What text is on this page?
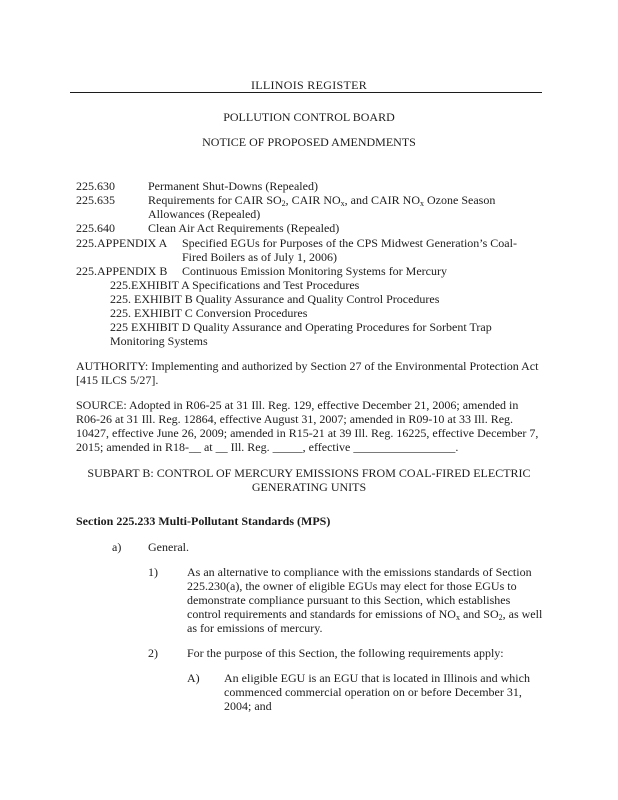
ILLINOIS REGISTER
POLLUTION CONTROL BOARD
NOTICE OF PROPOSED AMENDMENTS
225.630	Permanent Shut-Downs (Repealed)
225.635	Requirements for CAIR $SO_2$, CAIR $NO_x$, and CAIR $NO_x$ Ozone Season
Allowances (Repealed)
225.640	Clean Air Act Requirements (Repealed)
225.APPENDIX A Specified EGUs for Purposes of the CPS Midwest Generation’s Coal-
Fired Boilers as of July 1, 2006)
225.APPENDIX B Continuous Emission Monitoring Systems for Mercury
225.EXHIBIT A Specifications and Test Procedures
225. EXHIBIT B Quality Assurance and Quality Control Procedures
225. EXHIBIT C Conversion Procedures
225 EXHIBIT D Quality Assurance and Operating Procedures for Sorbent Trap
Monitoring Systems
AUTHORITY: Implementing and authorized by Section 27 of the Environmental Protection Act
[415 ILCS 5/27].
SOURCE: Adopted in R06-25 at 31 Ill. Reg. 129, effective December 21, 2006; amended in
R06-26 at 31 Ill. Reg. 12864, effective August 31, 2007; amended in R09-10 at 33 Ill. Reg.
10427, effective June 26, 2009; amended in R15-21 at 39 Ill. Reg. 16225, effective December 7,
2015; amended in R18-__ at __ Ill. Reg. _____, effective _________________.
SUBPART B: CONTROL OF MERCURY EMISSIONS FROM COAL-FIRED ELECTRIC
GENERATING UNITS
Section 225.233 Multi-Pollutant Standards (MPS)
a) General.
1) As an alternative to compliance with the emissions standards of Section
225.230(a), the owner of eligible EGUs may elect for those EGUs to
demonstrate compliance pursuant to this Section, which establishes
control requirements and standards for emissions of $NO_x$ and $SO_2$, as well
as for emissions of mercury.
2) For the purpose of this Section, the following requirements apply:
A) An eligible EGU is an EGU that is located in Illinois and which
commenced commercial operation on or before December 31,
2004; and
